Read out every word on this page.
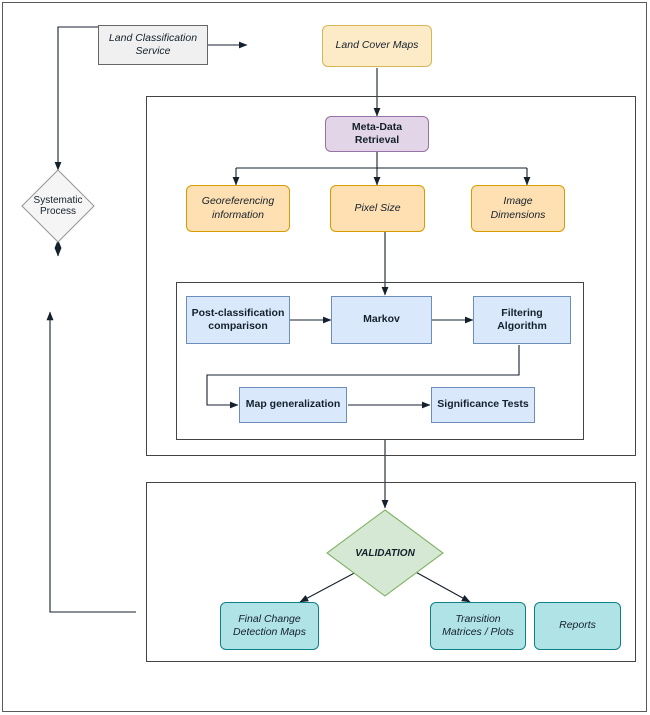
Land Classification Service	Land Cover Maps
Systematic Process
Meta-Data Retrieval
Georeferencing information
Pixel Size
Image Dimensions
Post-classification comparison
Markov
Filtering Algorithm
Map generalization	Significance Tests
VALIDATION
Final Change Detection Maps
Transition Matrices / Plots
Reports
